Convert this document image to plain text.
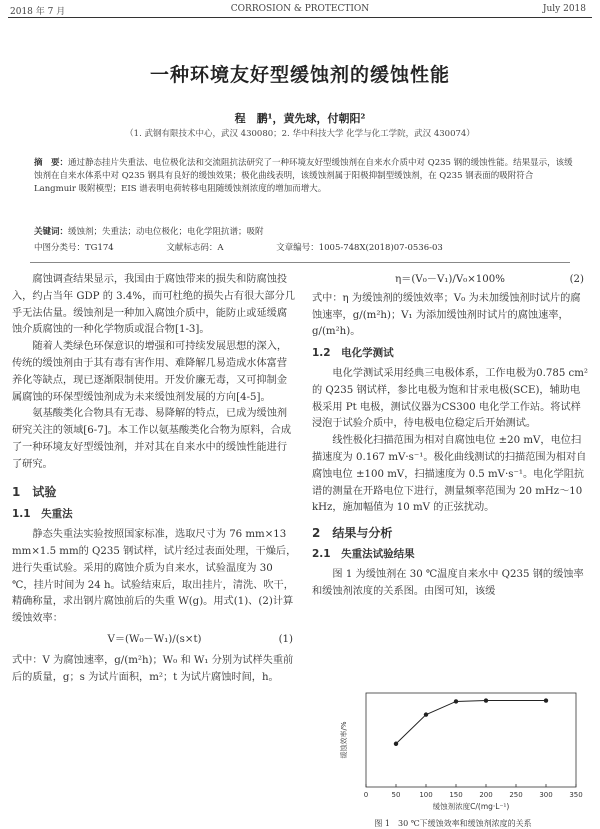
2018 年 7 月	CORROSION & PROTECTION	July 2018
一种环境友好型缓蚀剂的缓蚀性能
程　鹏¹，黄先球，付朝阳²
（1. 武钢有限技术中心，武汉 430080；2. 华中科技大学 化学与化工学院，武汉 430074）
摘　要：通过静态挂片失重法、电位极化法和交流阻抗法研究了一种环境友好型缓蚀剂在自来水介质中对 Q235 钢的缓蚀性能。结果显示，该缓蚀剂在自来水体系中对 Q235 钢具有良好的缓蚀效果；极化曲线表明，该缓蚀剂属于阳极抑制型缓蚀剂，在 Q235 钢表面的吸附符合 Langmuir 吸附模型；EIS 谱表明电荷转移电阻随缓蚀剂浓度的增加而增大。
关键词：缓蚀剂；失重法；动电位极化；电化学阻抗谱；吸附
中图分类号：TG174	文献标志码：A	文章编号：1005-748X(2018)07-0536-03

腐蚀调查结果显示，我国由于腐蚀带来的损失和防腐蚀投入，约占当年 GDP 的 3.4%，而可杜绝的损失占有很大部分几乎无法估量。缓蚀剂是一种加入腐蚀介质中，能防止或延缓腐蚀介质腐蚀的一种化学物质或混合物[1-3]。

随着人类绿色环保意识的增强和可持续发展思想的深入，传统的缓蚀剂由于其有毒有害作用、难降解几易造成水体富营养化等缺点，现已逐渐限制使用。开发价廉无毒，又可抑制金属腐蚀的环保型缓蚀剂成为未来缓蚀剂发展的方向[4-5]。

氨基酸类化合物具有无毒、易降解的特点，已成为缓蚀剂研究关注的领域[6-7]。本工作以氨基酸类化合物为原料，合成了一种环境友好型缓蚀剂，并对其在自来水中的缓蚀性能进行了研究。

1　试验
1.1　失重法

静态失重法实验按照国家标准，选取尺寸为 76 mm×13 mm×1.5 mm的 Q235 钢试样，试片经过表面处理，干燥后，进行失重试验。采用的腐蚀介质为自来水，试验温度为 30 ℃，挂片时间为 24 h。试验结束后，取出挂片，清洗、吹干，精确称量，求出钢片腐蚀前后的失重 W(g)。用式(1)、(2)计算缓蚀效率：

V＝(W₀－W₁)/(s×t)	(1)

式中：V 为腐蚀速率，g/(m²h)；W₀ 和 W₁ 分别为试样失重前后的质量，g；s 为试片面积，m²；t 为试片腐蚀时间，h。

η＝(V₀－V₁)/V₀×100%	(2)

式中：η 为缓蚀剂的缓蚀效率；V₀ 为未加缓蚀剂时试片的腐蚀速率，g/(m²h)；V₁ 为添加缓蚀剂时试片的腐蚀速率，g/(m²h)。

1.2　电化学测试

电化学测试采用经典三电极体系，工作电极为0.785 cm² 的 Q235 钢试样，参比电极为饱和甘汞电极(SCE)，辅助电极采用 Pt 电极，测试仪器为CS300 电化学工作站。将试样浸泡于试验介质中，待电极电位稳定后开始测试。

线性极化扫描范围为相对自腐蚀电位 ±20 mV，电位扫描速度为 0.167 mV·s⁻¹。极化曲线测试的扫描范围为相对自腐蚀电位 ±100 mV，扫描速度为 0.5 mV·s⁻¹。电化学阻抗谱的测量在开路电位下进行，测量频率范围为 20 mHz～10 kHz，施加幅值为 10 mV 的正弦扰动。

2　结果与分析
2.1　失重法试验结果

图 1 为缓蚀剂在 30 ℃温度自来水中 Q235 钢的缓蚀率和缓蚀剂浓度的关系图。由图可知，该缓

0	50	100 150 200 250 300 350
缓蚀剂浓度C/(mg·L⁻¹)
缓蚀效率/%
图 1　30 ℃下缓蚀效率和缓蚀剂浓度的关系
